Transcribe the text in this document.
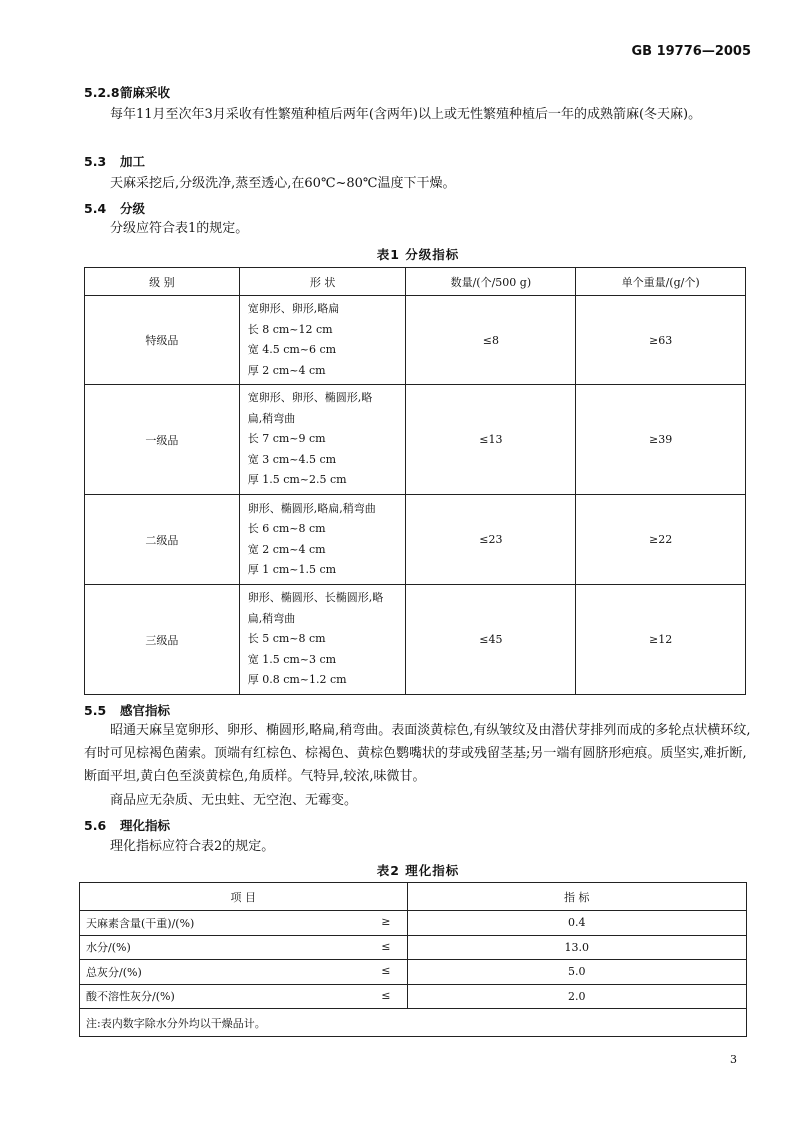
GB 19776—2005
5.2.8箭麻采收
每年11月至次年3月采收有性繁殖种植后两年(含两年)以上或无性繁殖种植后一年的成熟箭麻(冬天麻)。
5.3 加工
天麻采挖后,分级洗净,蒸至透心,在60℃~80℃温度下干燥。
5.4 分级
分级应符合表1的规定。
表1 分级指标
级 别	形 状	数量/(个/500 g)	单个重量/(g/个)
特级品	宽卵形、卵形,略扁
长 8 cm~12 cm
宽 4.5 cm~6 cm
厚 2 cm~4 cm	≤8	≥63
一级品	宽卵形、卵形、椭圆形,略
扁,稍弯曲
长 7 cm~9 cm
宽 3 cm~4.5 cm
厚 1.5 cm~2.5 cm	≤13	≥39
二级品	卵形、椭圆形,略扁,稍弯曲
长 6 cm~8 cm
宽 2 cm~4 cm
厚 1 cm~1.5 cm	≤23	≥22
三级品	卵形、椭圆形、长椭圆形,略
扁,稍弯曲
长 5 cm~8 cm
宽 1.5 cm~3 cm
厚 0.8 cm~1.2 cm	≤45	≥12
5.5 感官指标
昭通天麻呈宽卵形、卵形、椭圆形,略扁,稍弯曲。表面淡黄棕色,有纵皱纹及由潜伏芽排列而成的多轮点状横环纹,有时可见棕褐色菌索。顶端有红棕色、棕褐色、黄棕色鹦嘴状的芽或残留茎基;另一端有圆脐形疤痕。质坚实,难折断,断面平坦,黄白色至淡黄棕色,角质样。气特异,较浓,味微甘。
商品应无杂质、无虫蛀、无空泡、无霉变。
5.6 理化指标
理化指标应符合表2的规定。
表2 理化指标
项 目	指 标
天麻素含量(干重)/(%) ≥	0.4
水分/(%) ≤	13.0
总灰分/(%) ≤	5.0
酸不溶性灰分/(%) ≤	2.0
注:表内数字除水分外均以干燥品计。	
3
